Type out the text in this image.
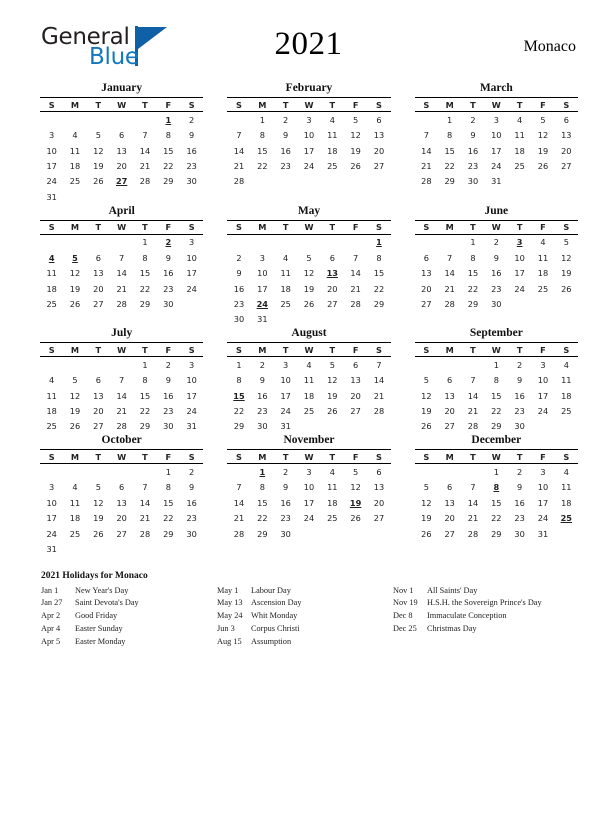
General
Blue	2021	Monaco
January
S	M	T	W	T	F	S
					1	2
3	4	5	6	7	8	9
10	11	12	13	14	15	16
17	18	19	20	21	22	23
24	25	26	27	28	29	30
31						
February
S	M	T	W	T	F	S
	1	2	3	4	5	6
7	8	9	10	11	12	13
14	15	16	17	18	19	20
21	22	23	24	25	26	27
28						
March
S	M	T	W	T	F	S
	1	2	3	4	5	6
7	8	9	10	11	12	13
14	15	16	17	18	19	20
21	22	23	24	25	26	27
28	29	30	31			
April
S	M	T	W	T	F	S
				1	2	3
4	5	6	7	8	9	10
11	12	13	14	15	16	17
18	19	20	21	22	23	24
25	26	27	28	29	30	
May
S	M	T	W	T	F	S
						1
2	3	4	5	6	7	8
9	10	11	12	13	14	15
16	17	18	19	20	21	22
23	24	25	26	27	28	29
30	31					
June
S	M	T	W	T	F	S
		1	2	3	4	5
6	7	8	9	10	11	12
13	14	15	16	17	18	19
20	21	22	23	24	25	26
27	28	29	30			
July
S	M	T	W	T	F	S
				1	2	3
4	5	6	7	8	9	10
11	12	13	14	15	16	17
18	19	20	21	22	23	24
25	26	27	28	29	30	31
August
S	M	T	W	T	F	S
1	2	3	4	5	6	7
8	9	10	11	12	13	14
15	16	17	18	19	20	21
22	23	24	25	26	27	28
29	30	31				
September
S	M	T	W	T	F	S
			1	2	3	4
5	6	7	8	9	10	11
12	13	14	15	16	17	18
19	20	21	22	23	24	25
26	27	28	29	30		
October
S	M	T	W	T	F	S
					1	2
3	4	5	6	7	8	9
10	11	12	13	14	15	16
17	18	19	20	21	22	23
24	25	26	27	28	29	30
31						
November
S	M	T	W	T	F	S
	1	2	3	4	5	6
7	8	9	10	11	12	13
14	15	16	17	18	19	20
21	22	23	24	25	26	27
28	29	30				
December
S	M	T	W	T	F	S
			1	2	3	4
5	6	7	8	9	10	11
12	13	14	15	16	17	18
19	20	21	22	23	24	25
26	27	28	29	30	31	
2021 Holidays for Monaco
Jan 1	New Year's Day
Jan 27	Saint Devota's Day
Apr 2	Good Friday
Apr 4	Easter Sunday
Apr 5	Easter Monday
May 1	Labour Day
May 13	Ascension Day
May 24	Whit Monday
Jun 3	Corpus Christi
Aug 15	Assumption
Nov 1	All Saints' Day
Nov 19	H.S.H. the Sovereign Prince's Day
Dec 8	Immaculate Conception
Dec 25	Christmas Day
